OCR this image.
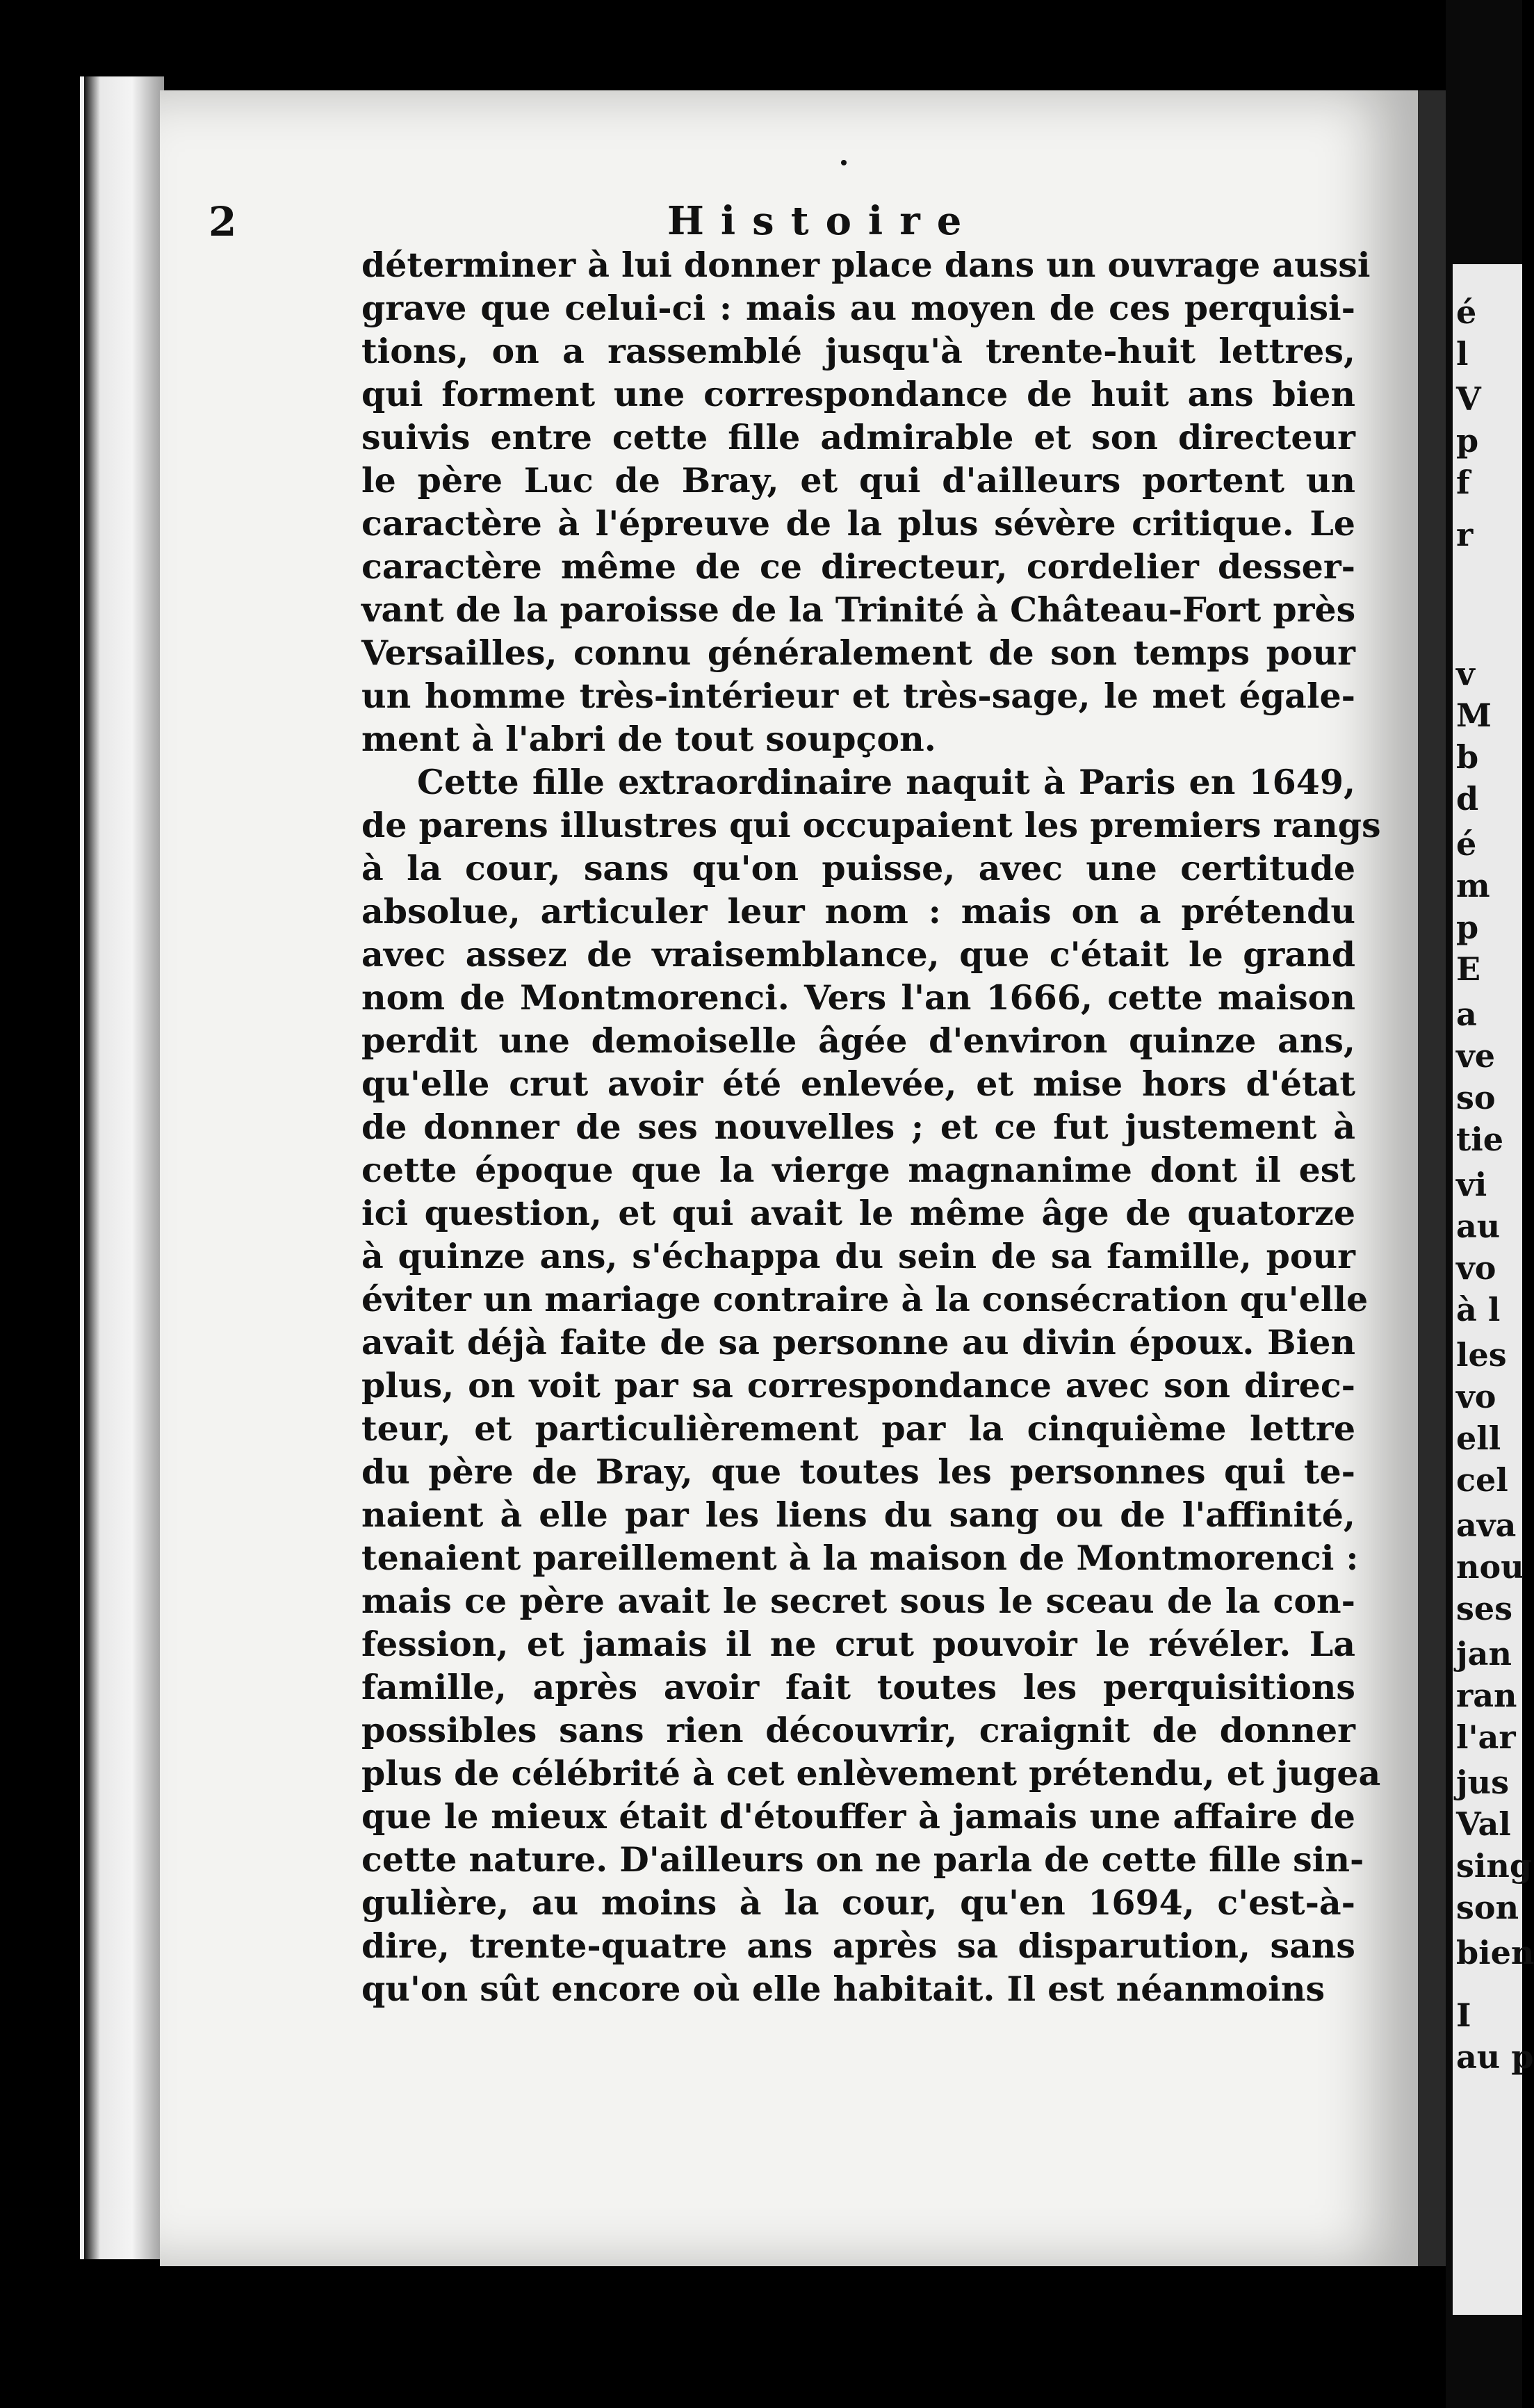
2	Histoire
déterminer à lui donner place dans un ouvrage aussi
grave que celui-ci : mais au moyen de ces perquisi-
tions, on a rassemblé jusqu'à trente-huit lettres,
qui forment une correspondance de huit ans bien
suivis entre cette fille admirable et son directeur
le père Luc de Bray, et qui d'ailleurs portent un
caractère à l'épreuve de la plus sévère critique. Le
caractère même de ce directeur, cordelier desser-
vant de la paroisse de la Trinité à Château-Fort près
Versailles, connu généralement de son temps pour
un homme très-intérieur et très-sage, le met égale-
ment à l'abri de tout soupçon.
Cette fille extraordinaire naquit à Paris en 1649,
de parens illustres qui occupaient les premiers rangs
à la cour, sans qu'on puisse, avec une certitude
absolue, articuler leur nom : mais on a prétendu
avec assez de vraisemblance, que c'était le grand
nom de Montmorenci. Vers l'an 1666, cette maison
perdit une demoiselle âgée d'environ quinze ans,
qu'elle crut avoir été enlevée, et mise hors d'état
de donner de ses nouvelles ; et ce fut justement à
cette époque que la vierge magnanime dont il est
ici question, et qui avait le même âge de quatorze
à quinze ans, s'échappa du sein de sa famille, pour
éviter un mariage contraire à la consécration qu'elle
avait déjà faite de sa personne au divin époux. Bien
plus, on voit par sa correspondance avec son direc-
teur, et particulièrement par la cinquième lettre
du père de Bray, que toutes les personnes qui te-
naient à elle par les liens du sang ou de l'affinité,
tenaient pareillement à la maison de Montmorenci :
mais ce père avait le secret sous le sceau de la con-
fession, et jamais il ne crut pouvoir le révéler. La
famille, après avoir fait toutes les perquisitions
possibles sans rien découvrir, craignit de donner
plus de célébrité à cet enlèvement prétendu, et jugea
que le mieux était d'étouffer à jamais une affaire de
cette nature. D'ailleurs on ne parla de cette fille sin-
gulière, au moins à la cour, qu'en 1694, c'est-à-
dire, trente-quatre ans après sa disparution, sans
qu'on sût encore où elle habitait. Il est néanmoins
é
l
V
p
f
r
v
M
b
d
é
m
p
E
a
ve
so
tie
vi
au
vo
à l
les
vo
ell
cel
ava
nou
ses
jan
ran
l'ar
jus
Val
sing
son
bien
I
au p
